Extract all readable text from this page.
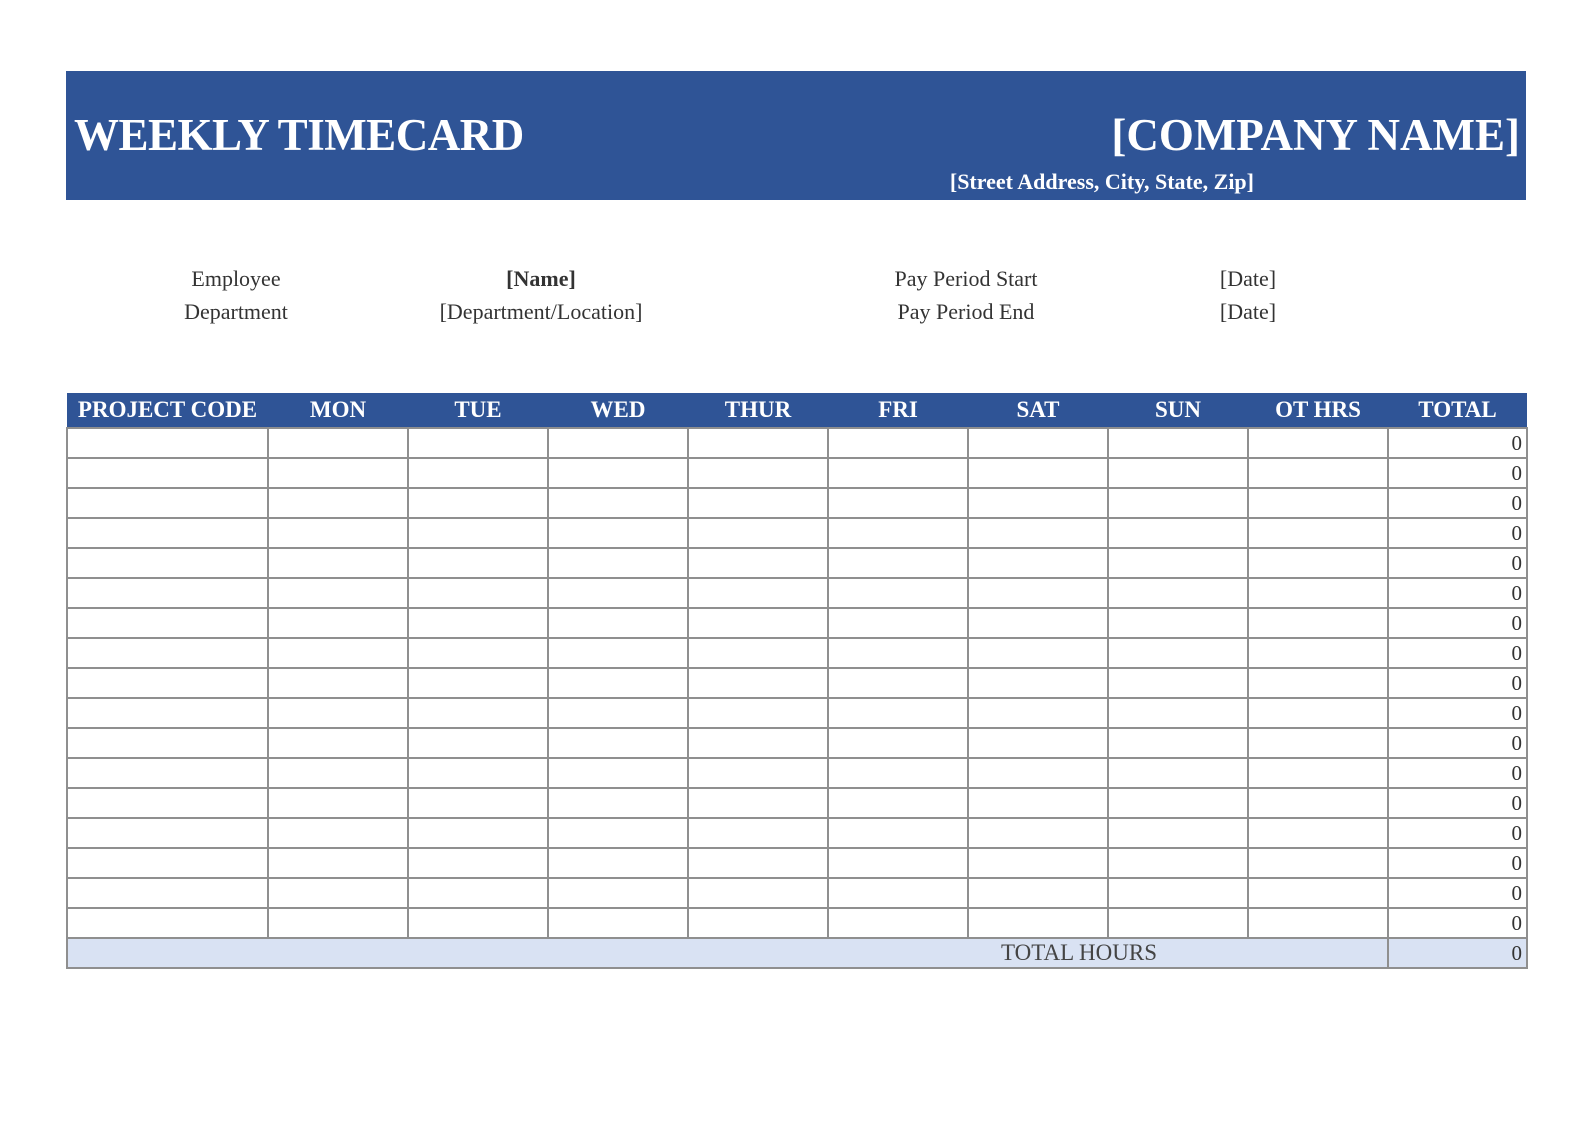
WEEKLY TIMECARD	[COMPANY NAME]
[Street Address, City, State, Zip]
Employee	[Name]
Department	[Department/Location]
Pay Period Start	[Date]
Pay Period End	[Date]
PROJECT CODE	MON	TUE	WED	THUR	FRI	SAT	SUN	OT HRS	TOTAL
									0
									0
									0
									0
									0
									0
									0
									0
									0
									0
									0
									0
									0
									0
									0
									0
									0
TOTAL HOURS									0
